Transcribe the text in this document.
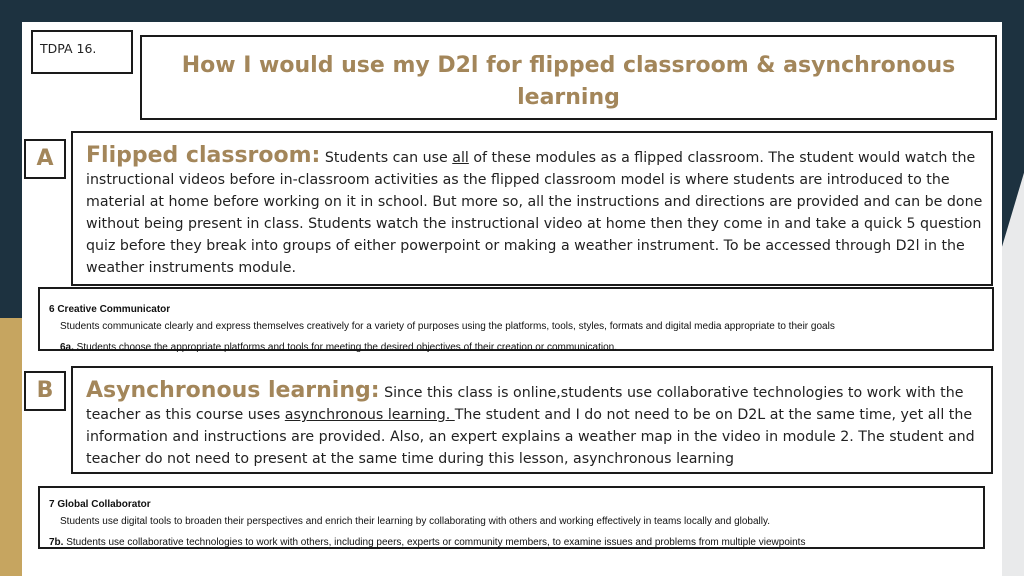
TDPA 16.
How I would use my D2l for flipped classroom & asynchronous learning
A	Flipped classroom: Students can use all of these modules as a flipped classroom. The student would watch the instructional videos before in-classroom activities as the flipped classroom model is where students are introduced to the material at home before working on it in school. But more so, all the instructions and directions are provided and can be done without being present in class. Students watch the instructional video at home then they come in and take a quick 5 question quiz before they break into groups of either powerpoint or making a weather instrument. To be accessed through D2l in the weather instruments module.
6 Creative Communicator
Students communicate clearly and express themselves creatively for a variety of purposes using the platforms, tools, styles, formats and digital media appropriate to their goals
6a. Students choose the appropriate platforms and tools for meeting the desired objectives of their creation or communication.
B	Asynchronous learning: Since this class is online,students use collaborative technologies to work with the teacher as this course uses asynchronous learning. The student and I do not need to be on D2L at the same time, yet all the information and instructions are provided. Also, an expert explains a weather map in the video in module 2. The student and teacher do not need to present at the same time during this lesson, asynchronous learning
7 Global Collaborator
Students use digital tools to broaden their perspectives and enrich their learning by collaborating with others and working effectively in teams locally and globally.
7b. Students use collaborative technologies to work with others, including peers, experts or community members, to examine issues and problems from multiple viewpoints
